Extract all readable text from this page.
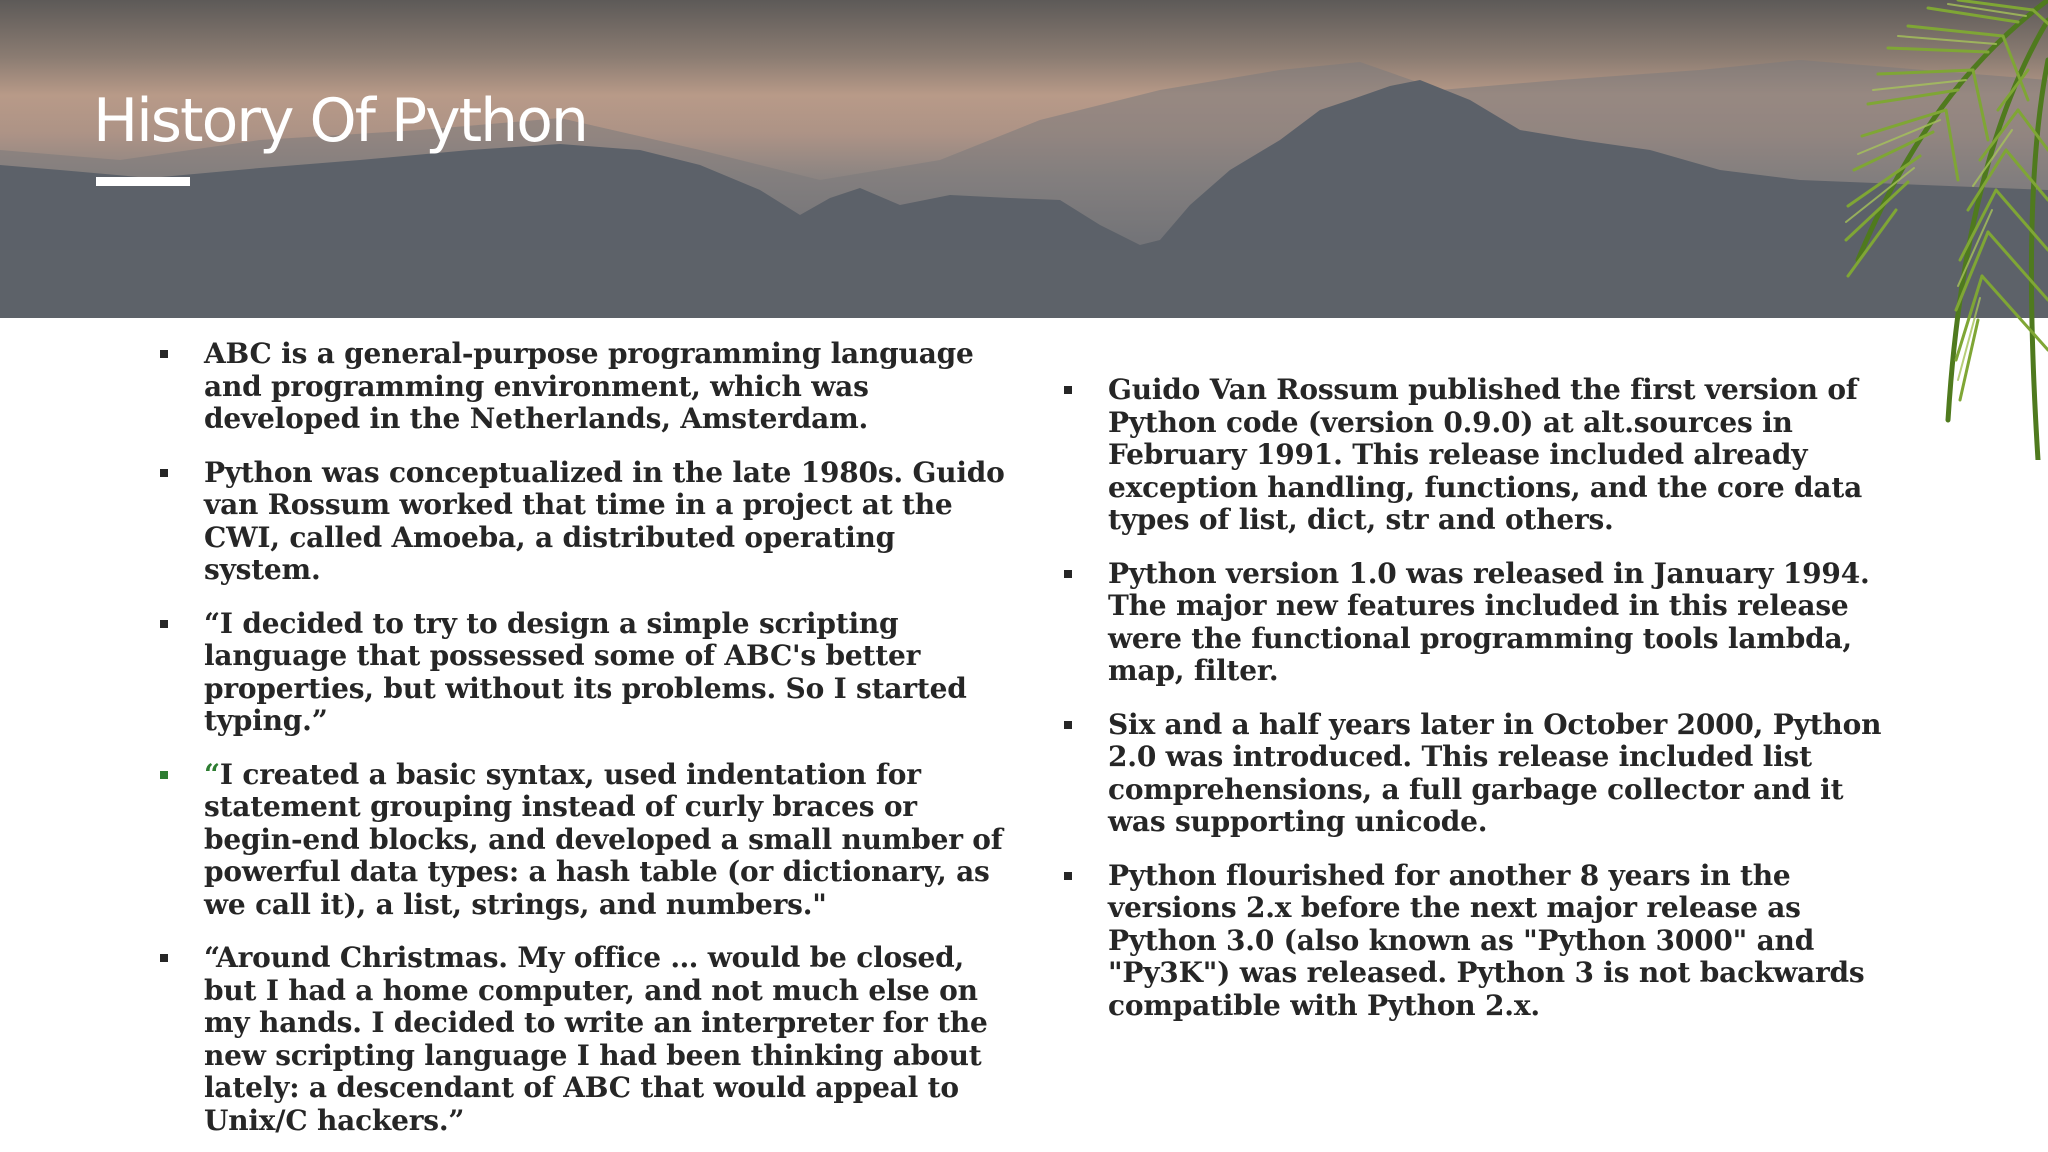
History Of Python
ABC is a general-purpose programming language and programming environment, which was developed in the Netherlands, Amsterdam.
Python was conceptualized in the late 1980s. Guido van Rossum worked that time in a project at the CWI, called Amoeba, a distributed operating system.
“I decided to try to design a simple scripting language that possessed some of ABC's better properties, but without its problems. So I started typing.”
“I created a basic syntax, used indentation for statement grouping instead of curly braces or begin-end blocks, and developed a small number of powerful data types: a hash table (or dictionary, as we call it), a list, strings, and numbers."
“Around Christmas. My office … would be closed, but I had a home computer, and not much else on my hands. I decided to write an interpreter for the new scripting language I had been thinking about lately: a descendant of ABC that would appeal to Unix/C hackers.”
Guido Van Rossum published the first version of Python code (version 0.9.0) at alt.sources in February 1991. This release included already exception handling, functions, and the core data types of list, dict, str and others.
Python version 1.0 was released in January 1994. The major new features included in this release were the functional programming tools lambda, map, filter.
Six and a half years later in October 2000, Python 2.0 was introduced. This release included list comprehensions, a full garbage collector and it was supporting unicode.
Python flourished for another 8 years in the versions 2.x before the next major release as Python 3.0 (also known as "Python 3000" and "Py3K") was released. Python 3 is not backwards compatible with Python 2.x.
